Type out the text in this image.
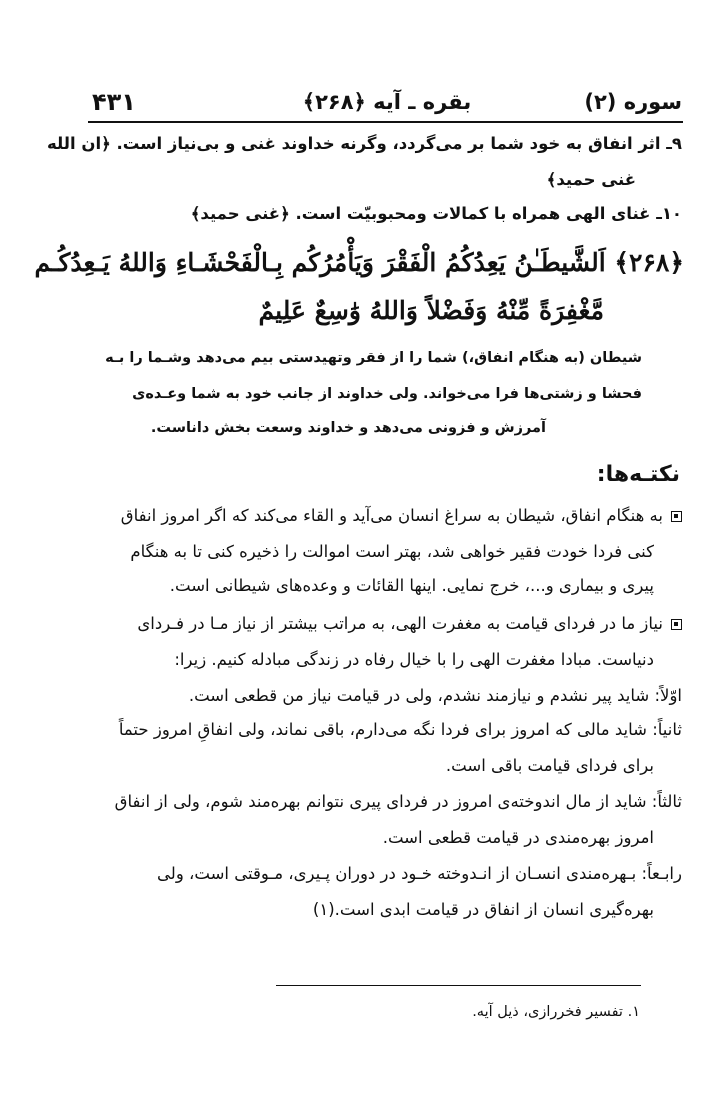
سوره (۲)
بقره ـ آیه ﴿۲۶۸﴾
۴۳۱
۹ـ اثر انفاق به خود شما بر می‌گردد، وگرنه خداوند غنی و بی‌نیاز است. ﴿ان الله
غنی حمید﴾
۱۰ـ غنای الهی همراه با کمالات ومحبوبیّت است. ﴿غنی حمید﴾
﴿۲۶۸﴾ اَلشَّیطَـٰنُ یَعِدُکُمُ الْفَقْرَ وَیَأْمُرُکُم بِـالْفَحْشَـاءِ وَاللهُ یَـعِدُکُـم
مَّغْفِرَةً مِّنْهُ وَفَضْلاً وَاللهُ وَٰسِعٌ عَلِیمٌ
شیطان (به هنگام انفاق،) شما را از فقر وتهیدستی بیم می‌دهد وشـما را بـه
فحشا و زشتی‌ها فرا می‌خواند. ولی خداوند از جانب خود به شما وعـده‌ی
آمرزش و فزونی می‌دهد و خداوند وسعت بخش داناست.
نکتـه‌ها:
به هنگام انفاق، شیطان به سراغ انسان می‌آید و القاء می‌کند که اگر امروز انفاق
کنی فردا خودت فقیر خواهی شد، بهتر است اموالت را ذخیره کنی تا به هنگام
پیری و بیماری و...، خرج نمایی. اینها القائات و وعده‌های شیطانی است.
نیاز ما در فردای قیامت به مغفرت الهی، به مراتب بیشتر از نیاز مـا در فـردای
دنیاست. مبادا مغفرت الهی را با خیال رفاه در زندگی مبادله کنیم. زیرا:
اوّلاً: شاید پیر نشدم و نیازمند نشدم، ولی در قیامت نیاز من قطعی است.
ثانیاً: شاید مالی که امروز برای فردا نگه می‌دارم، باقی نماند، ولی انفاقِ امروز حتماً
برای فردای قیامت باقی است.
ثالثاً: شاید از مال اندوخته‌ی امروز در فردای پیری نتوانم بهره‌مند شوم، ولی از انفاق
امروز بهره‌مندی در قیامت قطعی است.
رابـعاً: بـهره‌مندی انسـان از انـدوخته خـود در دوران پـیری، مـوقتی است، ولی
بهره‌گیری انسان از انفاق در قیامت ابدی است.(۱)
۱. تفسیر فخررازی، ذیل آیه.
